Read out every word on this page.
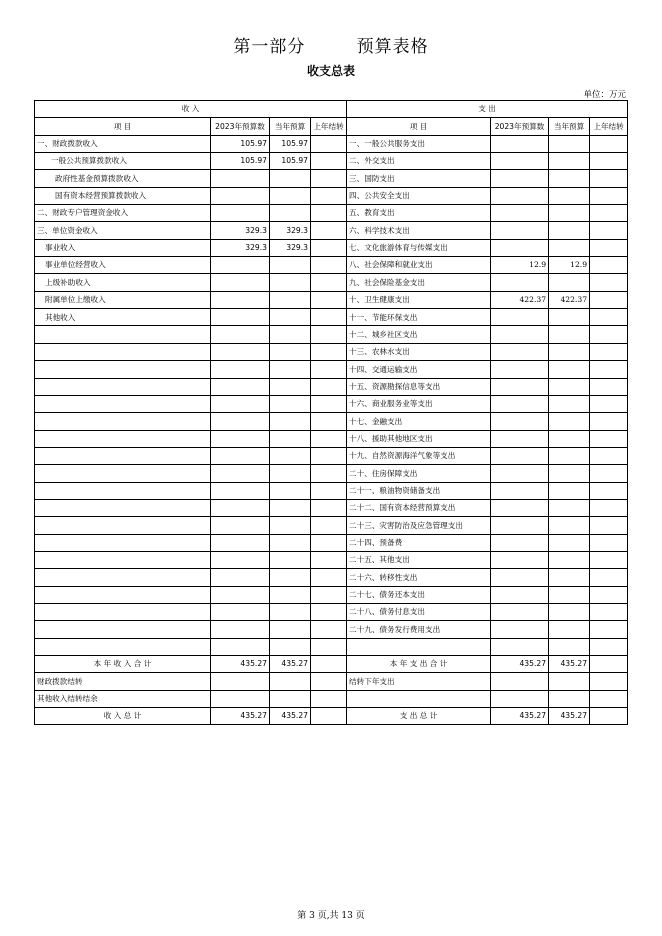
第一部分        预算表格
收支总表
单位：万元
收 入				支 出			
项 目	2023年预算数	当年预算	上年结转	项 目	2023年预算数	当年预算	上年结转
一、财政拨款收入	105.97	105.97		一、一般公共服务支出			
一般公共预算拨款收入	105.97	105.97		二、外交支出			
政府性基金预算拨款收入				三、国防支出			
国有资本经营预算拨款收入				四、公共安全支出			
二、财政专户管理资金收入				五、教育支出			
三、单位资金收入	329.3	329.3		六、科学技术支出			
事业收入	329.3	329.3		七、文化旅游体育与传媒支出			
事业单位经营收入				八、社会保障和就业支出	12.9	12.9	
上级补助收入				九、社会保险基金支出			
附属单位上缴收入				十、卫生健康支出	422.37	422.37	
其他收入				十一、节能环保支出			
				十二、城乡社区支出			
				十三、农林水支出			
				十四、交通运输支出			
				十五、资源勘探信息等支出			
				十六、商业服务业等支出			
				十七、金融支出			
				十八、援助其他地区支出			
				十九、自然资源海洋气象等支出			
				二十、住房保障支出			
				二十一、粮油物资储备支出			
				二十二、国有资本经营预算支出			
				二十三、灾害防治及应急管理支出			
				二十四、预备费			
				二十五、其他支出			
				二十六、转移性支出			
				二十七、债务还本支出			
				二十八、债务付息支出			
				二十九、债务发行费用支出			

本 年 收 入 合 计	435.27	435.27		本 年 支 出 合 计	435.27	435.27	
财政拨款结转				结转下年支出			
其他收入结转结余							
收 入 总 计	435.27	435.27		支 出 总 计	435.27	435.27	
第 3 页,共 13 页
